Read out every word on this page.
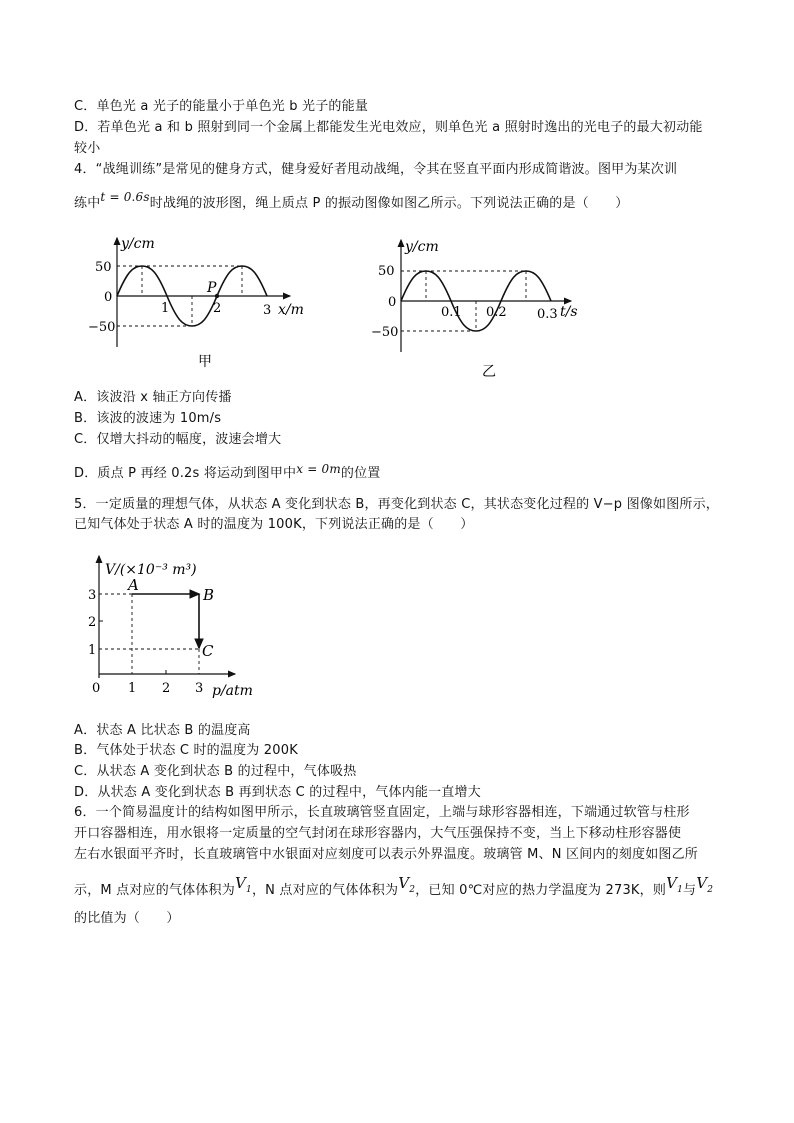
C．单色光 a 光子的能量小于单色光 b 光子的能量
D．若单色光 a 和 b 照射到同一个金属上都能发生光电效应，则单色光 a 照射时逸出的光电子的最大初动能
较小
4．“战绳训练”是常见的健身方式，健身爱好者甩动战绳，令其在竖直平面内形成简谐波。图甲为某次训
练中t = 0.6s时战绳的波形图，绳上质点 P 的振动图像如图乙所示。下列说法正确的是（　　）
y/cm
x/m
50
0
−50
1	2	3
P
甲
y/cm
t/s
50
0
−50
0.1 0.2 0.3
乙
A．该波沿 x 轴正方向传播
B．该波的波速为 10m/s
C．仅增大抖动的幅度，波速会增大
D．质点 P 再经 0.2s 将运动到图甲中x = 0m的位置
5．一定质量的理想气体，从状态 A 变化到状态 B，再变化到状态 C，其状态变化过程的 V−p 图像如图所示，
已知气体处于状态 A 时的温度为 100K，下列说法正确的是（　　）
V/(×10⁻³ m³)
p/atm
3
2
1
0 1 2 3
A
B
C
A．状态 A 比状态 B 的温度高
B．气体处于状态 C 时的温度为 200K
C．从状态 A 变化到状态 B 的过程中，气体吸热
D．从状态 A 变化到状态 B 再到状态 C 的过程中，气体内能一直增大
6．一个简易温度计的结构如图甲所示，长直玻璃管竖直固定，上端与球形容器相连，下端通过软管与柱形
开口容器相连，用水银将一定质量的空气封闭在球形容器内，大气压强保持不变，当上下移动柱形容器使
左右水银面平齐时，长直玻璃管中水银面对应刻度可以表示外界温度。玻璃管 M、N 区间内的刻度如图乙所
示，M 点对应的气体体积为$V_1$，N 点对应的气体体积为$V_2$，已知 0℃对应的热力学温度为 273K，则$V_1$与$V_2$
的比值为（　　）
